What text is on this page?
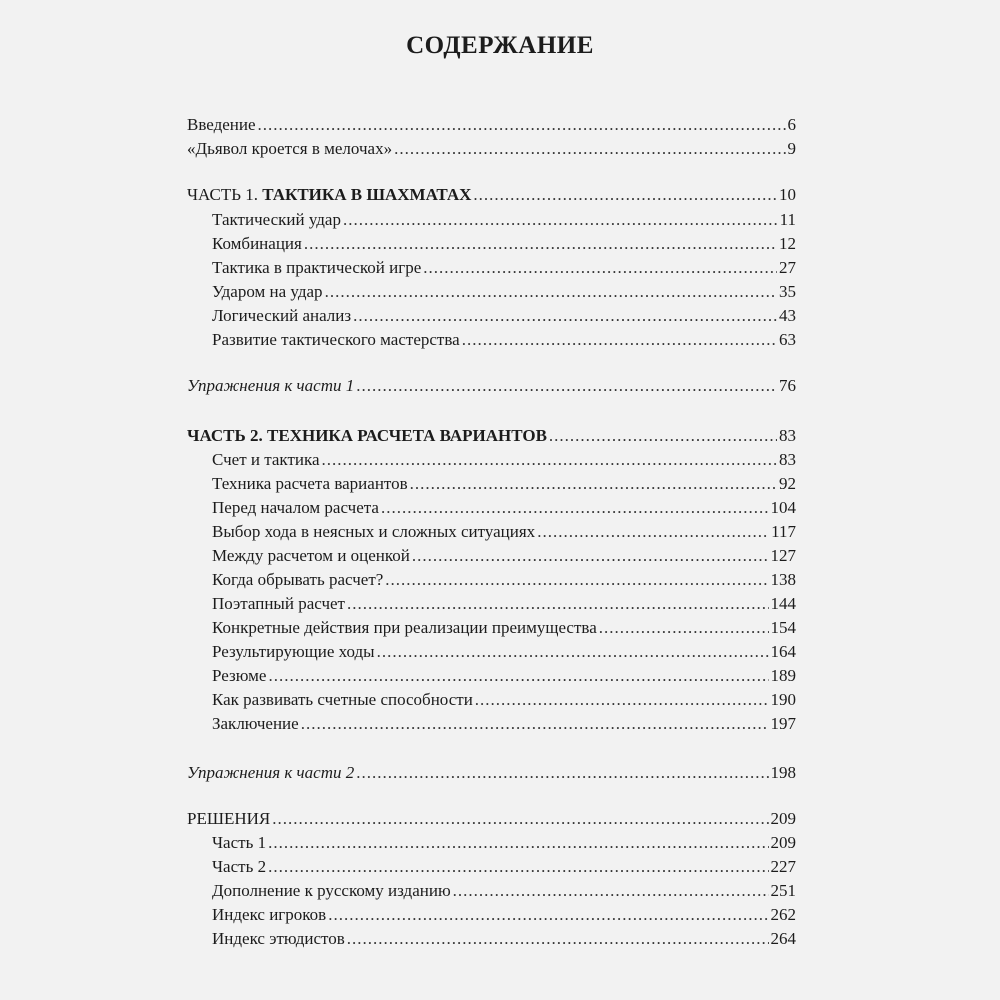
СОДЕРЖАНИЕ
Введение .....	6
«Дьявол кроется в мелочах» .....	9
ЧАСТЬ 1. ТАКТИКА В ШАХМАТАХ .....	10
Тактический удар .....	11
Комбинация .....	12
Тактика в практической игре .....	27
Ударом на удар .....	35
Логический анализ .....	43
Развитие тактического мастерства .....	63
Упражнения к части 1 .....	76
ЧАСТЬ 2. ТЕХНИКА РАСЧЕТА ВАРИАНТОВ .....	83
Счет и тактика .....	83
Техника расчета вариантов .....	92
Перед началом расчета .....	104
Выбор хода в неясных и сложных ситуациях .....	117
Между расчетом и оценкой .....	127
Когда обрывать расчет? .....	138
Поэтапный расчет .....	144
Конкретные действия при реализации преимущества .....	154
Результирующие ходы .....	164
Резюме .....	189
Как развивать счетные способности .....	190
Заключение .....	197
Упражнения к части 2 .....	198
РЕШЕНИЯ .....	209
Часть 1 .....	209
Часть 2 .....	227
Дополнение к русскому изданию .....	251
Индекс игроков .....	262
Индекс этюдистов .....	264
